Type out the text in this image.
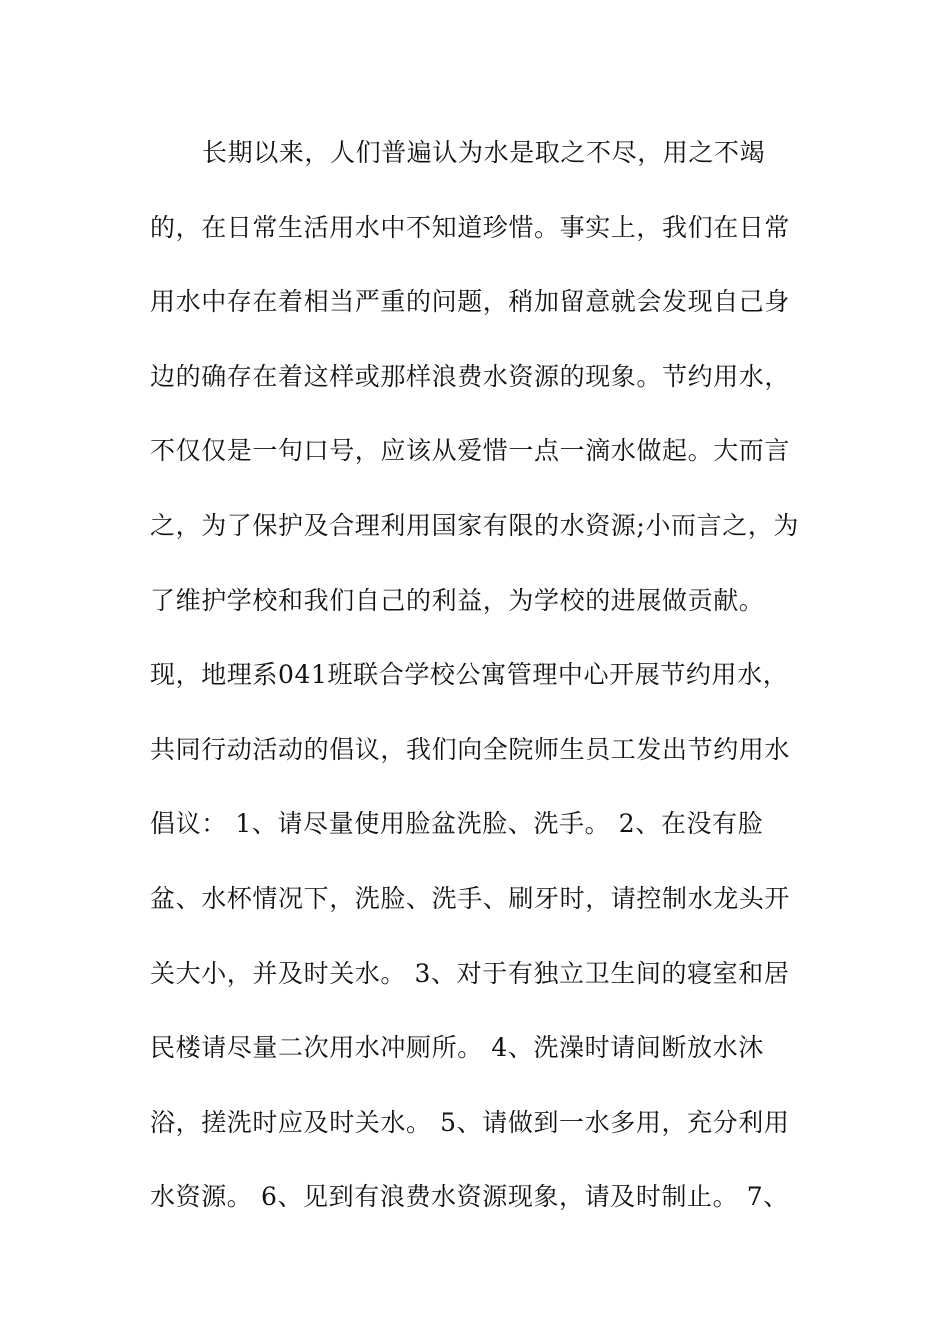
长期以来，人们普遍认为水是取之不尽，用之不竭
的，在日常生活用水中不知道珍惜。事实上，我们在日常
用水中存在着相当严重的问题，稍加留意就会发现自己身
边的确存在着这样或那样浪费水资源的现象。节约用水，
不仅仅是一句口号，应该从爱惜一点一滴水做起。大而言
之，为了保护及合理利用国家有限的水资源;小而言之，为
了维护学校和我们自己的利益，为学校的进展做贡献。
现，地理系041班联合学校公寓管理中心开展节约用水，
共同行动活动的倡议，我们向全院师生员工发出节约用水
倡议： 1、请尽量使用脸盆洗脸、洗手。 2、在没有脸
盆、水杯情况下，洗脸、洗手、刷牙时，请控制水龙头开
关大小，并及时关水。 3、对于有独立卫生间的寝室和居
民楼请尽量二次用水冲厕所。 4、洗澡时请间断放水沐
浴，搓洗时应及时关水。 5、请做到一水多用，充分利用
水资源。 6、见到有浪费水资源现象，请及时制止。 7、
